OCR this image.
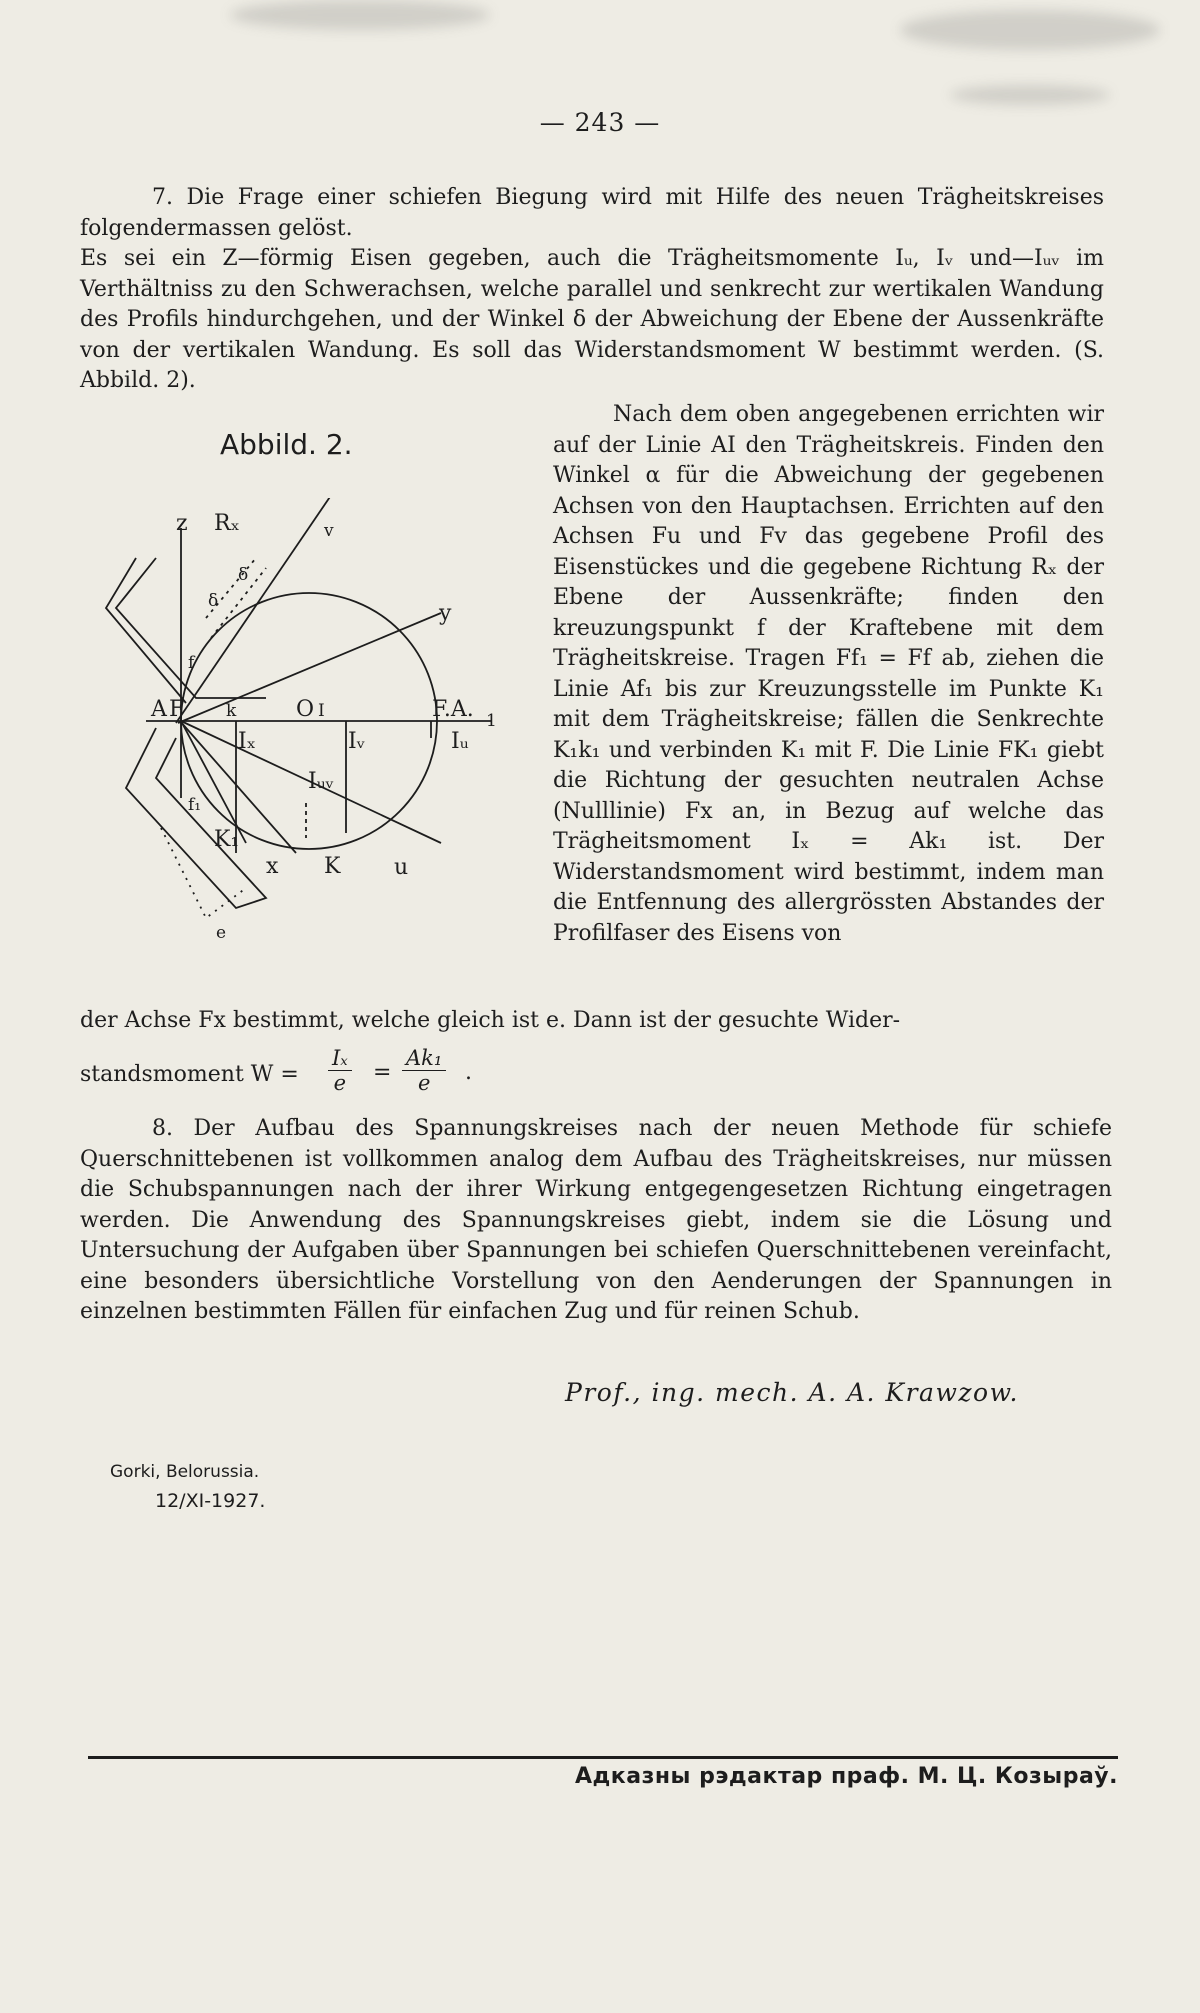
— 243 —

7. Die Frage einer schiefen Biegung wird mit Hilfe des neuen Trägheitskreises folgendermassen gelöst.

Es sei ein Z—förmig Eisen gegeben, auch die Trägheitsmomente Iᵤ, Iᵥ und—Iᵤᵥ im Verthältniss zu den Schwerachsen, welche parallel und senkrecht zur wertikalen Wandung des Profils hindurchgehen, und der Winkel δ der Abweichung der Ebene der Aussenkräfte von der vertikalen Wandung. Es soll das Widerstandsmoment W bestimmt werden. (S. Abbild. 2).

Abbild. 2.
z Rₓ	v
δ
δ	y
f
A F k	O I	F.A. 1
Iₓ	Iᵥ	Iᵤ
Iᵤᵥ
f₁
K₁
x K u
e

Nach dem oben angegebenen errichten wir auf der Linie AI den Trägheitskreis. Finden den Winkel α für die Abweichung der gegebenen Achsen von den Hauptachsen. Errichten auf den Achsen Fu und Fv das gegebene Profil des Eisenstückes und die gegebene Richtung Rₓ der Ebene der Aussenkräfte; finden den kreuzungspunkt f der Kraftebene mit dem Trägheitskreise. Tragen Ff₁ = Ff ab, ziehen die Linie Af₁ bis zur Kreuzungsstelle im Punkte K₁ mit dem Trägheitskreise; fällen die Senkrechte K₁k₁ und verbinden K₁ mit F. Die Linie FK₁ giebt die Richtung der gesuchten neutralen Achse (Nulllinie) Fx an, in Bezug auf welche das Trägheitsmoment Iₓ = Ak₁ ist. Der Widerstandsmoment wird bestimmt, indem man die Entfennung des allergrössten Abstandes der Profilfaser des Eisens von

der Achse Fx bestimmt, welche gleich ist e. Dann ist der gesuchte Wider-

standsmoment $W = \frac{\text{Iₓ}}{e} = \frac{\text{Ak₁}}{e}$ .

8. Der Aufbau des Spannungskreises nach der neuen Methode für schiefe Querschnittebenen ist vollkommen analog dem Aufbau des Trägheitskreises, nur müssen die Schubspannungen nach der ihrer Wirkung entgegengesetzen Richtung eingetragen werden. Die Anwendung des Spannungskreises giebt, indem sie die Lösung und Untersuchung der Aufgaben über Spannungen bei schiefen Querschnittebenen vereinfacht, eine besonders übersichtliche Vorstellung von den Aenderungen der Spannungen in einzelnen bestimmten Fällen für einfachen Zug und für reinen Schub.

Prof., ing. mech. A. A. Krawzow.
Gorki, Belorussia.
12/XI-1927.
Адказны рэдактар праф. М. Ц. Козыраў.
